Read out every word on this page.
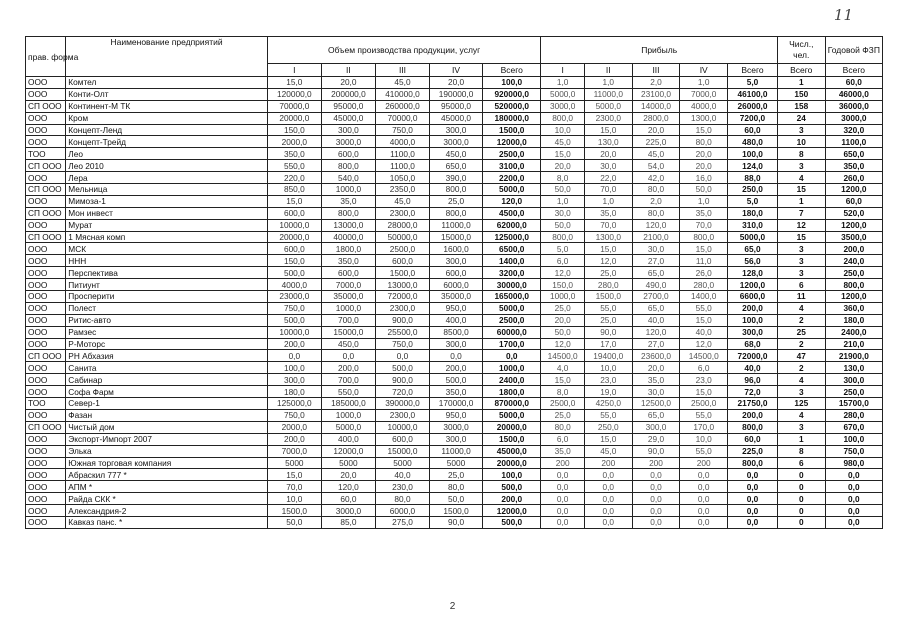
11
прав. форма	Наименование предприятий	Объем производства продукции, услуг					Прибыль					Числ., чел.	Годовой ФЗП
		I	II	III	IV	Всего	I	II	III	IV	Всего	Всего	Всего
ООО	Комтел	15,0	20,0	45,0	20,0	100,0	1,0	1,0	2,0	1,0	5,0	1	60,0
ООО	Конти-Олт	120000,0	200000,0	410000,0	190000,0	920000,0	5000,0	11000,0	23100,0	7000,0	46100,0	150	46000,0
СП ООО	Континент-М ТК	70000,0	95000,0	260000,0	95000,0	520000,0	3000,0	5000,0	14000,0	4000,0	26000,0	158	36000,0
ООО	Кром	20000,0	45000,0	70000,0	45000,0	180000,0	800,0	2300,0	2800,0	1300,0	7200,0	24	3000,0
ООО	Концепт-Ленд	150,0	300,0	750,0	300,0	1500,0	10,0	15,0	20,0	15,0	60,0	3	320,0
ООО	Концепт-Трейд	2000,0	3000,0	4000,0	3000,0	12000,0	45,0	130,0	225,0	80,0	480,0	10	1100,0
ТОО	Лео	350,0	600,0	1100,0	450,0	2500,0	15,0	20,0	45,0	20,0	100,0	8	650,0
СП ООО	Лео 2010	550,0	800,0	1100,0	650,0	3100,0	20,0	30,0	54,0	20,0	124,0	3	350,0
ООО	Лера	220,0	540,0	1050,0	390,0	2200,0	8,0	22,0	42,0	16,0	88,0	4	260,0
СП ООО	Мельница	850,0	1000,0	2350,0	800,0	5000,0	50,0	70,0	80,0	50,0	250,0	15	1200,0
ООО	Мимоза-1	15,0	35,0	45,0	25,0	120,0	1,0	1,0	2,0	1,0	5,0	1	60,0
СП ООО	Мон инвест	600,0	800,0	2300,0	800,0	4500,0	30,0	35,0	80,0	35,0	180,0	7	520,0
ООО	Мурат	10000,0	13000,0	28000,0	11000,0	62000,0	50,0	70,0	120,0	70,0	310,0	12	1200,0
СП ООО	1 Мясная комп	20000,0	40000,0	50000,0	15000,0	125000,0	800,0	1300,0	2100,0	800,0	5000,0	15	3500,0
ООО	МСК	600,0	1800,0	2500,0	1600,0	6500,0	5,0	15,0	30,0	15,0	65,0	3	200,0
ООО	ННН	150,0	350,0	600,0	300,0	1400,0	6,0	12,0	27,0	11,0	56,0	3	240,0
ООО	Перспектива	500,0	600,0	1500,0	600,0	3200,0	12,0	25,0	65,0	26,0	128,0	3	250,0
ООО	Питиунт	4000,0	7000,0	13000,0	6000,0	30000,0	150,0	280,0	490,0	280,0	1200,0	6	800,0
ООО	Просперити	23000,0	35000,0	72000,0	35000,0	165000,0	1000,0	1500,0	2700,0	1400,0	6600,0	11	1200,0
ООО	Полест	750,0	1000,0	2300,0	950,0	5000,0	25,0	55,0	65,0	55,0	200,0	4	360,0
ООО	Ритис-авто	500,0	700,0	900,0	400,0	2500,0	20,0	25,0	40,0	15,0	100,0	2	180,0
ООО	Рамзес	10000,0	15000,0	25500,0	8500,0	60000,0	50,0	90,0	120,0	40,0	300,0	25	2400,0
ООО	Р-Моторс	200,0	450,0	750,0	300,0	1700,0	12,0	17,0	27,0	12,0	68,0	2	210,0
СП ООО	РН Абхазия	0,0	0,0	0,0	0,0	0,0	14500,0	19400,0	23600,0	14500,0	72000,0	47	21900,0
ООО	Санита	100,0	200,0	500,0	200,0	1000,0	4,0	10,0	20,0	6,0	40,0	2	130,0
ООО	Сабинар	300,0	700,0	900,0	500,0	2400,0	15,0	23,0	35,0	23,0	96,0	4	300,0
ООО	Софа Фарм	180,0	550,0	720,0	350,0	1800,0	8,0	19,0	30,0	15,0	72,0	3	250,0
ТОО	Север-1	125000,0	185000,0	390000,0	170000,0	870000,0	2500,0	4250,0	12500,0	2500,0	21750,0	125	15700,0
ООО	Фазан	750,0	1000,0	2300,0	950,0	5000,0	25,0	55,0	65,0	55,0	200,0	4	280,0
СП ООО	Чистый дом	2000,0	5000,0	10000,0	3000,0	20000,0	80,0	250,0	300,0	170,0	800,0	3	670,0
ООО	Экспорт-Импорт 2007	200,0	400,0	600,0	300,0	1500,0	6,0	15,0	29,0	10,0	60,0	1	100,0
ООО	Элька	7000,0	12000,0	15000,0	11000,0	45000,0	35,0	45,0	90,0	55,0	225,0	8	750,0
ООО	Южная торговая компания	5000	5000	5000	5000	20000,0	200	200	200	200	800,0	6	980,0
ООО	Абраскил 777 *	15,0	20,0	40,0	25,0	100,0	0,0	0,0	0,0	0,0	0,0	0	0,0
ООО	АПМ *	70,0	120,0	230,0	80,0	500,0	0,0	0,0	0,0	0,0	0,0	0	0,0
ООО	Райда СКК *	10,0	60,0	80,0	50,0	200,0	0,0	0,0	0,0	0,0	0,0	0	0,0
ООО	Александрия-2	1500,0	3000,0	6000,0	1500,0	12000,0	0,0	0,0	0,0	0,0	0,0	0	0,0
ООО	Кавказ панс. *	50,0	85,0	275,0	90,0	500,0	0,0	0,0	0,0	0,0	0,0	0	0,0
2
